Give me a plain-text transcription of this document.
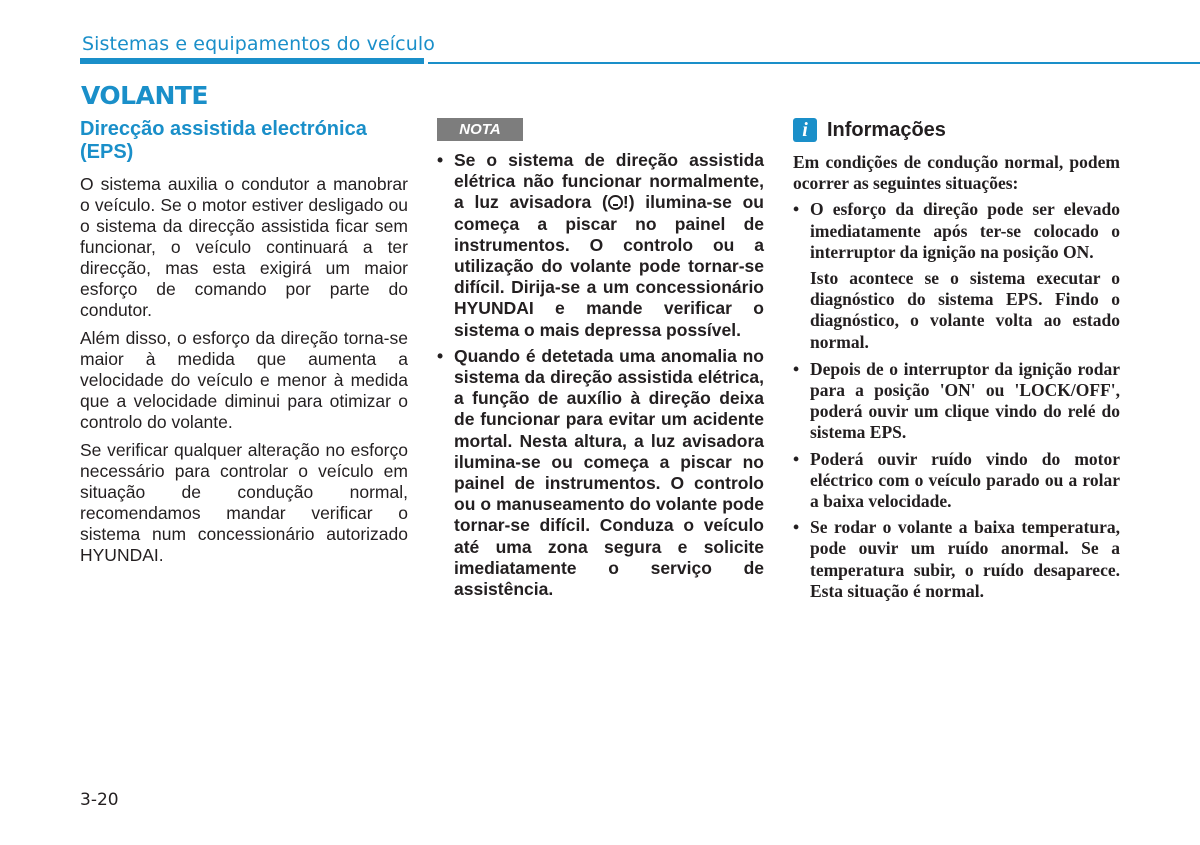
Sistemas e equipamentos do veículo
VOLANTE
Direcção assistida electrónica (EPS)

O sistema auxilia o condutor a manobrar o veículo. Se o motor estiver desligado ou o sistema da direcção assistida ficar sem funcionar, o veículo continuará a ter direcção, mas esta exigirá um maior esforço de comando por parte do condutor.

Além disso, o esforço da direção torna-se maior à medida que aumenta a velocidade do veículo e menor à medida que a velocidade diminui para otimizar o controlo do volante.

Se verificar qualquer alteração no esforço necessário para controlar o veículo em situação de condução normal, recomendamos mandar verificar o sistema num concessionário autorizado HYUNDAI.

NOTA
• Se o sistema de direção assistida elétrica não funcionar normalmente, a luz avisadora ( !) ilumina-se ou começa a piscar no painel de instrumentos. O controlo ou a utilização do volante pode tornar-se difícil. Dirija-se a um concessionário HYUNDAI e mande verificar o sistema o mais depressa possível.
• Quando é detetada uma anomalia no sistema da direção assistida elétrica, a função de auxílio à direção deixa de funcionar para evitar um acidente mortal. Nesta altura, a luz avisadora ilumina-se ou começa a piscar no painel de instrumentos. O controlo ou o manuseamento do volante pode tornar-se difícil. Conduza o veículo até uma zona segura e solicite imediatamente o serviço de assistência.
i Informações

Em condições de condução normal, podem ocorrer as seguintes situações:

• O esforço da direção pode ser elevado imediatamente após ter-se colocado o interruptor da ignição na posição ON.

Isto acontece se o sistema executar o diagnóstico do sistema EPS. Findo o diagnóstico, o volante volta ao estado normal.

• Depois de o interruptor da ignição rodar para a posição 'ON' ou 'LOCK/OFF', poderá ouvir um clique vindo do relé do sistema EPS.
• Poderá ouvir ruído vindo do motor eléctrico com o veículo parado ou a rolar a baixa velocidade.
• Se rodar o volante a baixa temperatura, pode ouvir um ruído anormal. Se a temperatura subir, o ruído desaparece. Esta situação é normal.
3-20
